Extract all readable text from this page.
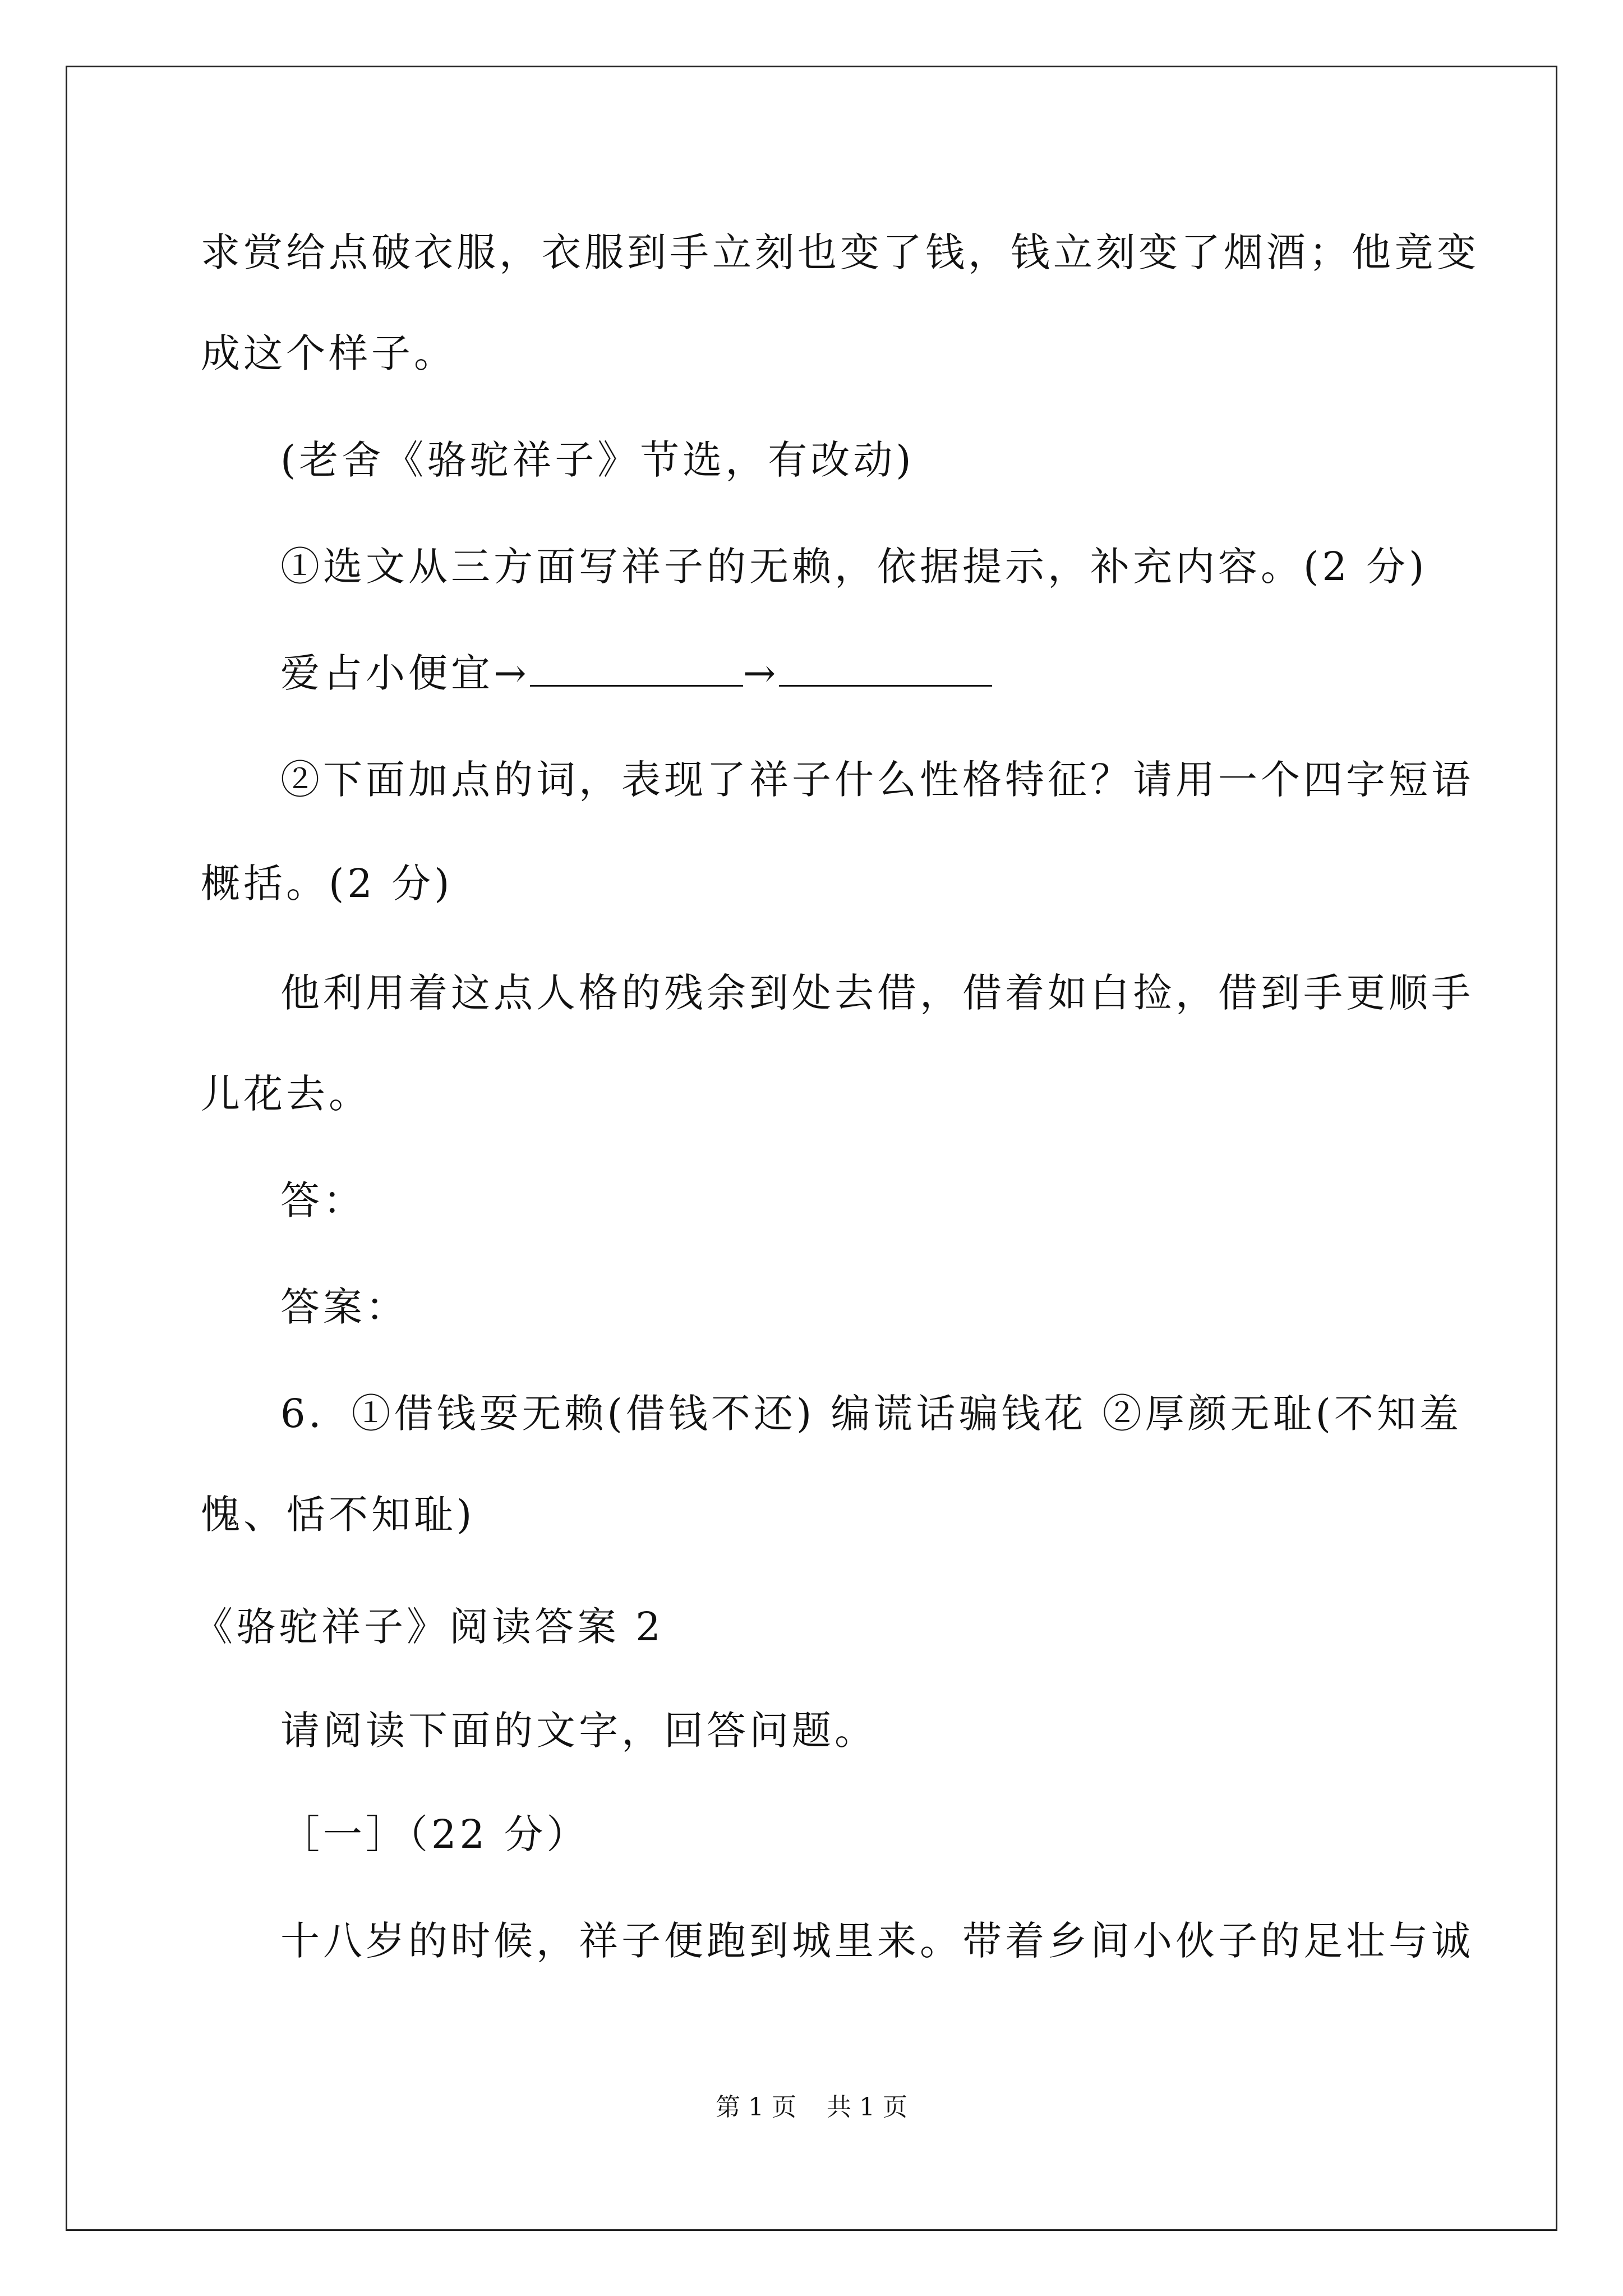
求赏给点破衣服，衣服到手立刻也变了钱，钱立刻变了烟酒；他竟变
成这个样子。
(老舍《骆驼祥子》节选，有改动)
①选文从三方面写祥子的无赖，依据提示，补充内容。(2 分)
爱占小便宜→	→
②下面加点的词，表现了祥子什么性格特征？请用一个四字短语
概括。(2 分)
他利用着这点人格的残余到处去借，借着如白捡，借到手更顺手
儿花去。
答：
答案：
6．①借钱耍无赖(借钱不还) 编谎话骗钱花 ②厚颜无耻(不知羞
愧、恬不知耻)
《骆驼祥子》阅读答案 2
请阅读下面的文字，回答问题。
［一］（22 分）
十八岁的时候，祥子便跑到城里来。带着乡间小伙子的足壮与诚
第 1 页 共 1 页
